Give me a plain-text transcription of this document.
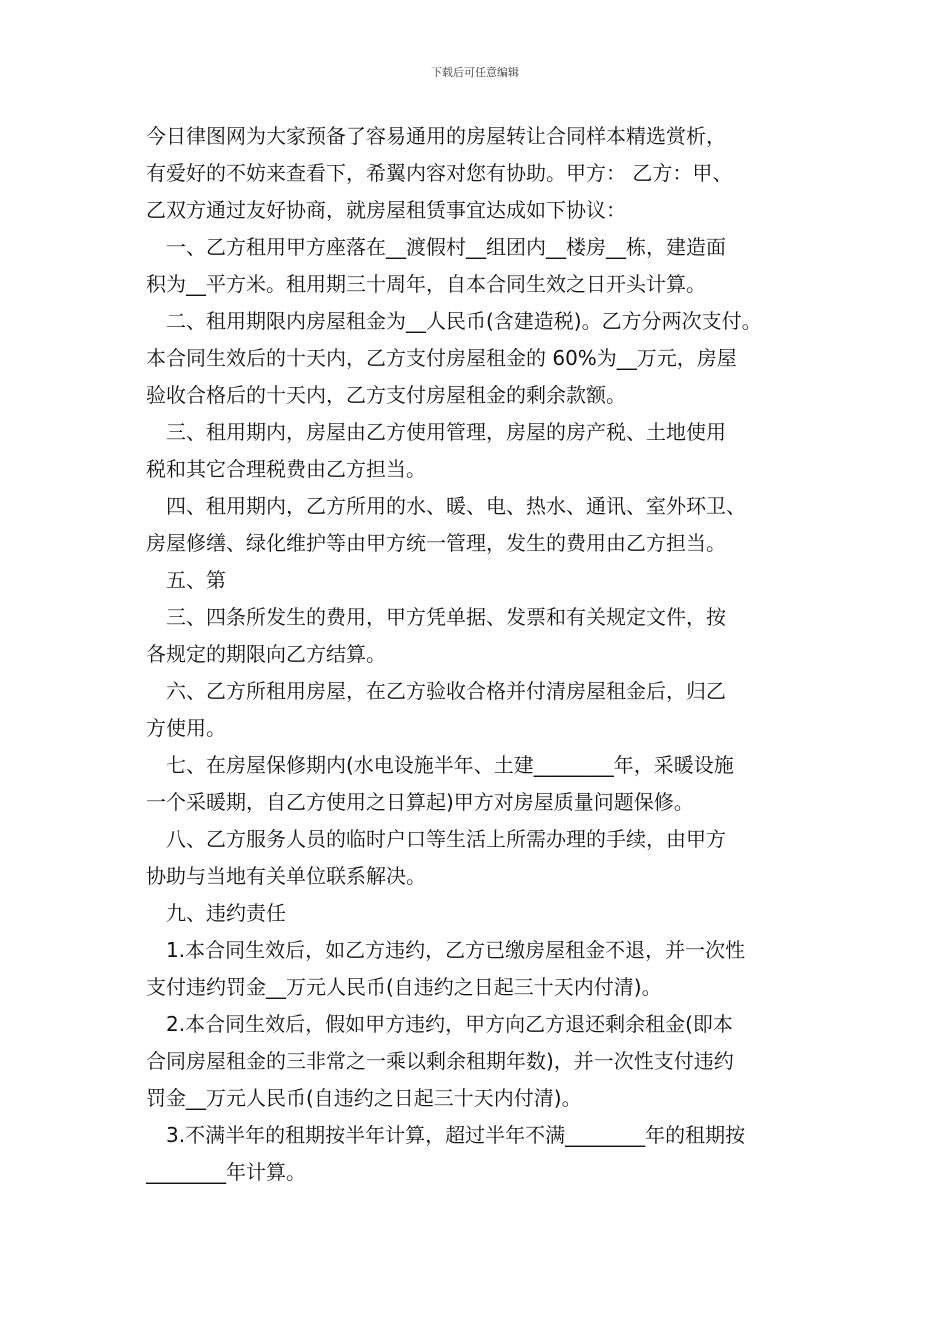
下载后可任意编辑
今日律图网为大家预备了容易通用的房屋转让合同样本精选赏析，
有爱好的不妨来查看下，希翼内容对您有协助。甲方： 乙方：甲、
乙双方通过友好协商，就房屋租赁事宜达成如下协议：
　一、乙方租用甲方座落在__渡假村__组团内__楼房__栋，建造面
积为__平方米。租用期三十周年，自本合同生效之日开头计算。
　二、租用期限内房屋租金为__人民币(含建造税)。乙方分两次支付。
本合同生效后的十天内，乙方支付房屋租金的 60%为__万元，房屋
验收合格后的十天内，乙方支付房屋租金的剩余款额。
　三、租用期内，房屋由乙方使用管理，房屋的房产税、土地使用
税和其它合理税费由乙方担当。
　四、租用期内，乙方所用的水、暖、电、热水、通讯、室外环卫、
房屋修缮、绿化维护等由甲方统一管理，发生的费用由乙方担当。
　五、第
　三、四条所发生的费用，甲方凭单据、发票和有关规定文件，按
各规定的期限向乙方结算。
　六、乙方所租用房屋，在乙方验收合格并付清房屋租金后，归乙
方使用。
　七、在房屋保修期内(水电设施半年、土建________年，采暖设施
一个采暖期，自乙方使用之日算起)甲方对房屋质量问题保修。
　八、乙方服务人员的临时户口等生活上所需办理的手续，由甲方
协助与当地有关单位联系解决。
　九、违约责任
　1.本合同生效后，如乙方违约，乙方已缴房屋租金不退，并一次性
支付违约罚金__万元人民币(自违约之日起三十天内付清)。
　2.本合同生效后，假如甲方违约，甲方向乙方退还剩余租金(即本
合同房屋租金的三非常之一乘以剩余租期年数)，并一次性支付违约
罚金__万元人民币(自违约之日起三十天内付清)。
　3.不满半年的租期按半年计算，超过半年不满________年的租期按
________年计算。
